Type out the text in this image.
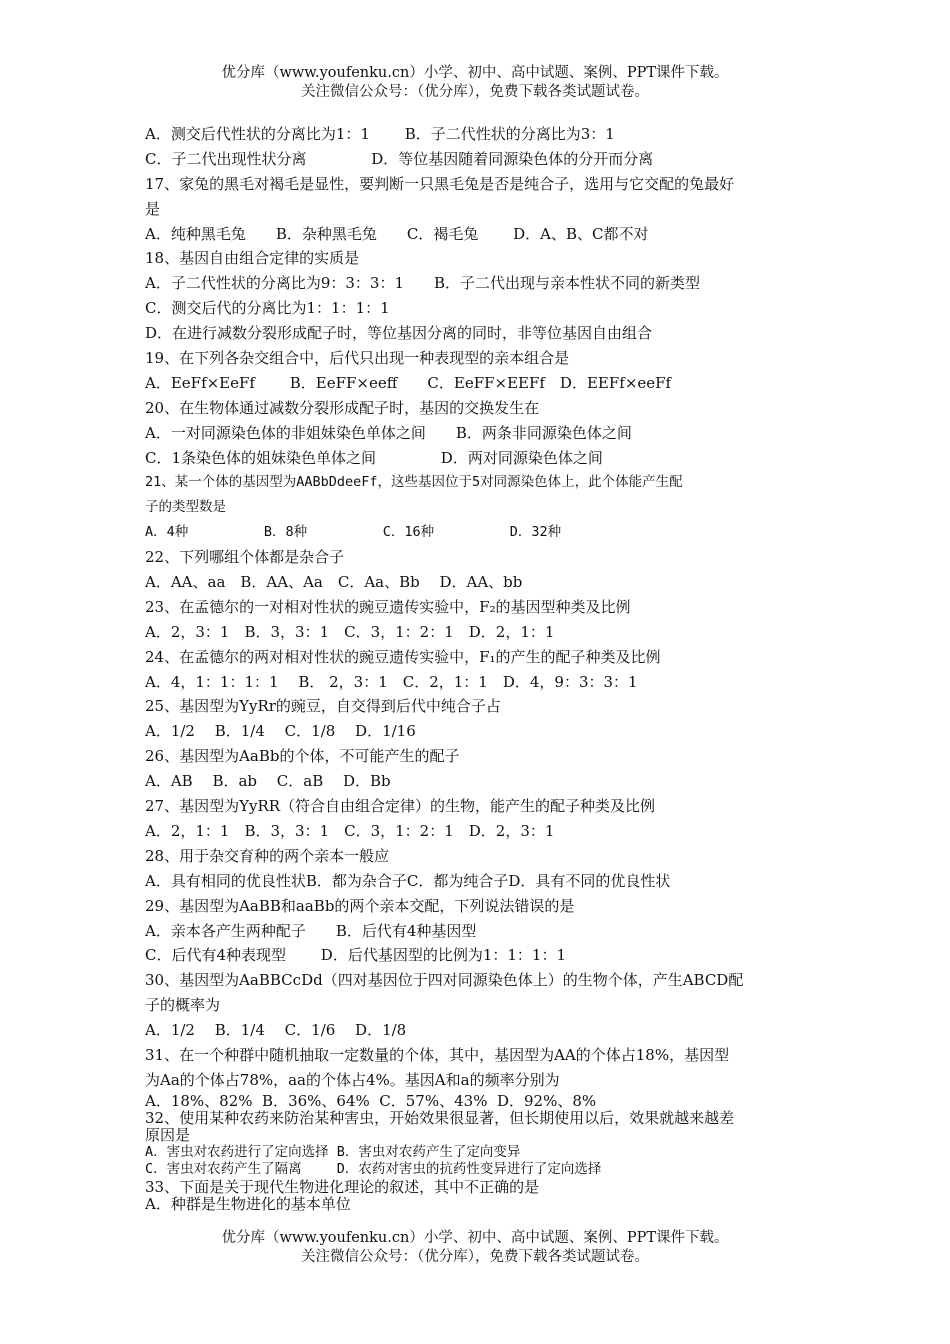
优分库（www.youfenku.cn）小学、初中、高中试题、案例、PPT课件下载。
关注微信公众号：（优分库），免费下载各类试题试卷。
A．测交后代性状的分离比为1：1　　 B．子二代性状的分离比为3：1
C．子二代出现性状分离　　　　 D．等位基因随着同源染色体的分开而分离
17、家兔的黑毛对褐毛是显性，要判断一只黑毛兔是否是纯合子，选用与它交配的兔最好
是
A．纯种黑毛兔　　B．杂种黑毛兔　　C．褐毛兔　　 D．A、B、C都不对
18、基因自由组合定律的实质是
A．子二代性状的分离比为9：3：3：1　　B．子二代出现与亲本性状不同的新类型
C．测交后代的分离比为1：1：1：1
D．在进行减数分裂形成配子时，等位基因分离的同时，非等位基因自由组合
19、在下列各杂交组合中，后代只出现一种表现型的亲本组合是
A．EeFf×EeFf　　 B．EeFF×eeff　　C．EeFF×EEFf　D．EEFf×eeFf
20、在生物体通过减数分裂形成配子时，基因的交换发生在
A．一对同源染色体的非姐妹染色单体之间　　B．两条非同源染色体之间
C．1条染色体的姐妹染色单体之间　　　　 D．两对同源染色体之间
21、某一个体的基因型为AABbDdeeFf，这些基因位于5对同源染色体上，此个体能产生配
子的类型数是
A．4种　　　　　 B．8种　　　　　 C．16种　　　　　 D．32种
22、下列哪组个体都是杂合子
A．AA、aa　B．AA、Aa　C．Aa、Bb　 D．AA、bb
23、在孟德尔的一对相对性状的豌豆遗传实验中，F₂的基因型种类及比例
A．2，3：1　B．3，3：1　C．3，1：2：1　D．2，1：1
24、在孟德尔的两对相对性状的豌豆遗传实验中，F₁的产生的配子种类及比例
A．4，1：1：1：1　 B． 2，3：1　C．2，1：1　D．4，9：3：3：1
25、基因型为YyRr的豌豆，自交得到后代中纯合子占
A．1/2　 B．1/4　 C．1/8　 D．1/16
26、基因型为AaBb的个体，不可能产生的配子
A．AB　 B．ab　 C．aB　 D．Bb
27、基因型为YyRR（符合自由组合定律）的生物，能产生的配子种类及比例
A．2，1：1　B．3，3：1　C．3，1：2：1　D．2，3：1
28、用于杂交育种的两个亲本一般应
A．具有相同的优良性状B．都为杂合子C．都为纯合子D．具有不同的优良性状
29、基因型为AaBB和aaBb的两个亲本交配，下列说法错误的是
A．亲本各产生两种配子　　B．后代有4种基因型
C．后代有4种表现型　　 D．后代基因型的比例为1：1：1：1
30、基因型为AaBBCcDd（四对基因位于四对同源染色体上）的生物个体，产生ABCD配
子的概率为
A．1/2　 B．1/4　 C．1/6　 D．1/8
31、在一个种群中随机抽取一定数量的个体，其中，基因型为AA的个体占18%，基因型
为Aa的个体占78%，aa的个体占4%。基因A和a的频率分别为
A．18%、82%  B．36%、64%  C．57%、43%  D．92%、8%
32、使用某种农药来防治某种害虫，开始效果很显著，但长期使用以后，效果就越来越差
原因是
A．害虫对农药进行了定向选择 B．害虫对农药产生了定向变异
C．害虫对农药产生了隔离　　 D．农药对害虫的抗药性变异进行了定向选择
33、下面是关于现代生物进化理论的叙述，其中不正确的是
A．种群是生物进化的基本单位
优分库（www.youfenku.cn）小学、初中、高中试题、案例、PPT课件下载。
关注微信公众号：（优分库），免费下载各类试题试卷。
